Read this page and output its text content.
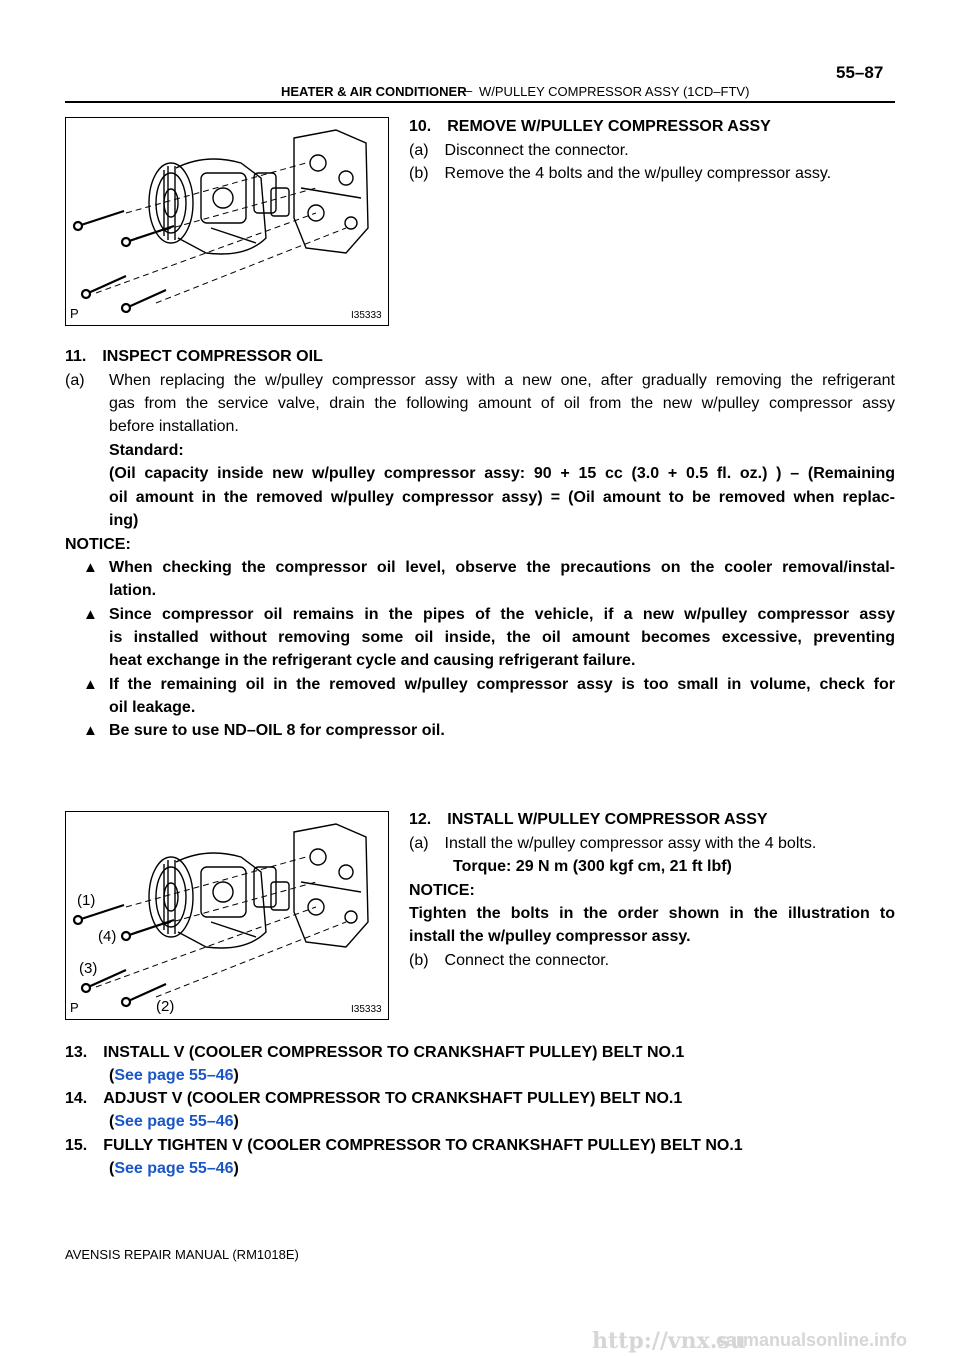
55–87
HEATER & AIR CONDITIONER
– W/PULLEY COMPRESSOR ASSY (1CD–FTV)
P	I35333
10. REMOVE W/PULLEY COMPRESSOR ASSY
(a) Disconnect the connector.
(b) Remove the 4 bolts and the w/pulley compressor assy.
11. INSPECT COMPRESSOR OIL
(a) When replacing the w/pulley compressor assy with a new one, after gradually removing the refrigerant
gas from the service valve, drain the following amount of oil from the new w/pulley compressor assy
before installation.
Standard:
(Oil capacity inside new w/pulley compressor assy: 90 + 15 cc (3.0 + 0.5 fl. oz.) ) – (Remaining
oil amount in the removed w/pulley compressor assy) = (Oil amount to be removed when replac-
ing)
NOTICE:
▲ When checking the compressor oil level, observe the precautions on the cooler removal/instal-
lation.
▲ Since compressor oil remains in the pipes of the vehicle, if a new w/pulley compressor assy
is installed without removing some oil inside, the oil amount becomes excessive, preventing
heat exchange in the refrigerant cycle and causing refrigerant failure.
▲ If the remaining oil in the removed w/pulley compressor assy is too small in volume, check for
oil leakage.
▲ Be sure to use ND–OIL 8 for compressor oil.
(1)
(4)
(3)
(2)
P	I35333
12. INSTALL W/PULLEY COMPRESSOR ASSY
(a) Install the w/pulley compressor assy with the 4 bolts.
Torque: 29 N m (300 kgf cm, 21 ft lbf)
NOTICE:
Tighten the bolts in the order shown in the illustration to
install the w/pulley compressor assy.
(b) Connect the connector.
13. INSTALL V (COOLER COMPRESSOR TO CRANKSHAFT PULLEY) BELT NO.1
(See page 55–46)
14. ADJUST V (COOLER COMPRESSOR TO CRANKSHAFT PULLEY) BELT NO.1
(See page 55–46)
15. FULLY TIGHTEN V (COOLER COMPRESSOR TO CRANKSHAFT PULLEY) BELT NO.1
(See page 55–46)
AVENSIS REPAIR MANUAL (RM1018E)
http://vnx.su
carmanualsonline.info
